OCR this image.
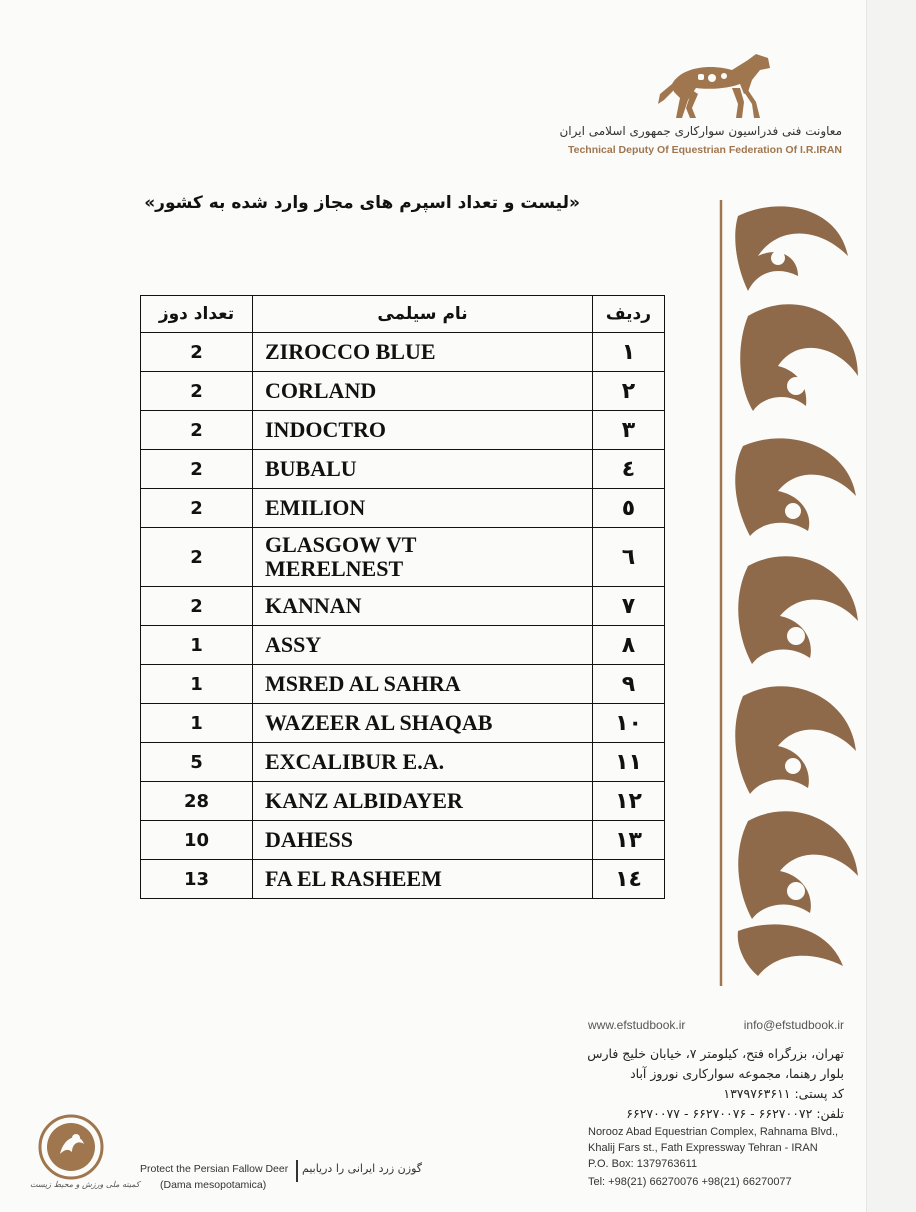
معاونت فنی فدراسیون سوارکاری جمهوری اسلامی ایران
Technical Deputy Of Equestrian Federation Of I.R.IRAN
«لیست و تعداد اسپرم های مجاز وارد شده به کشور»
تعداد دوز	نام سیلمی	ردیف
2	ZIROCCO BLUE	١
2	CORLAND	٢
2	INDOCTRO	٣
2	BUBALU	٤
2	EMILION	٥
2	GLASGOW VT MERELNEST	٦
2	KANNAN	٧
1	ASSY	٨
1	MSRED AL SAHRA	٩
1	WAZEER AL SHAQAB	١٠
5	EXCALIBUR E.A.	١١
28	KANZ ALBIDAYER	١٢
10	DAHESS	١٣
13	FA EL RASHEEM	١٤
www.efstudbook.ir	info@efstudbook.ir
تهران، بزرگراه فتح، کیلومتر ۷، خیابان خلیج فارس
بلوار رهنما، مجموعه سوارکاری نوروز آباد
کد پستی: ۱۳۷۹۷۶۳۶۱۱
تلفن: ۶۶۲۷۰۰۷۲ - ۶۶۲۷۰۰۷۶ - ۶۶۲۷۰۰۷۷
Norooz Abad Equestrian Complex, Rahnama Blvd.,
Khalij Fars st., Fath Expressway Tehran - IRAN
P.O. Box: 1379763611
Tel: +98(21) 66270076 +98(21) 66270077
کمیته ملی ورزش و محیط زیست
Protect the Persian Fallow Deer
(Dama mesopotamica)
گوزن زرد ایرانی را دریابیم
